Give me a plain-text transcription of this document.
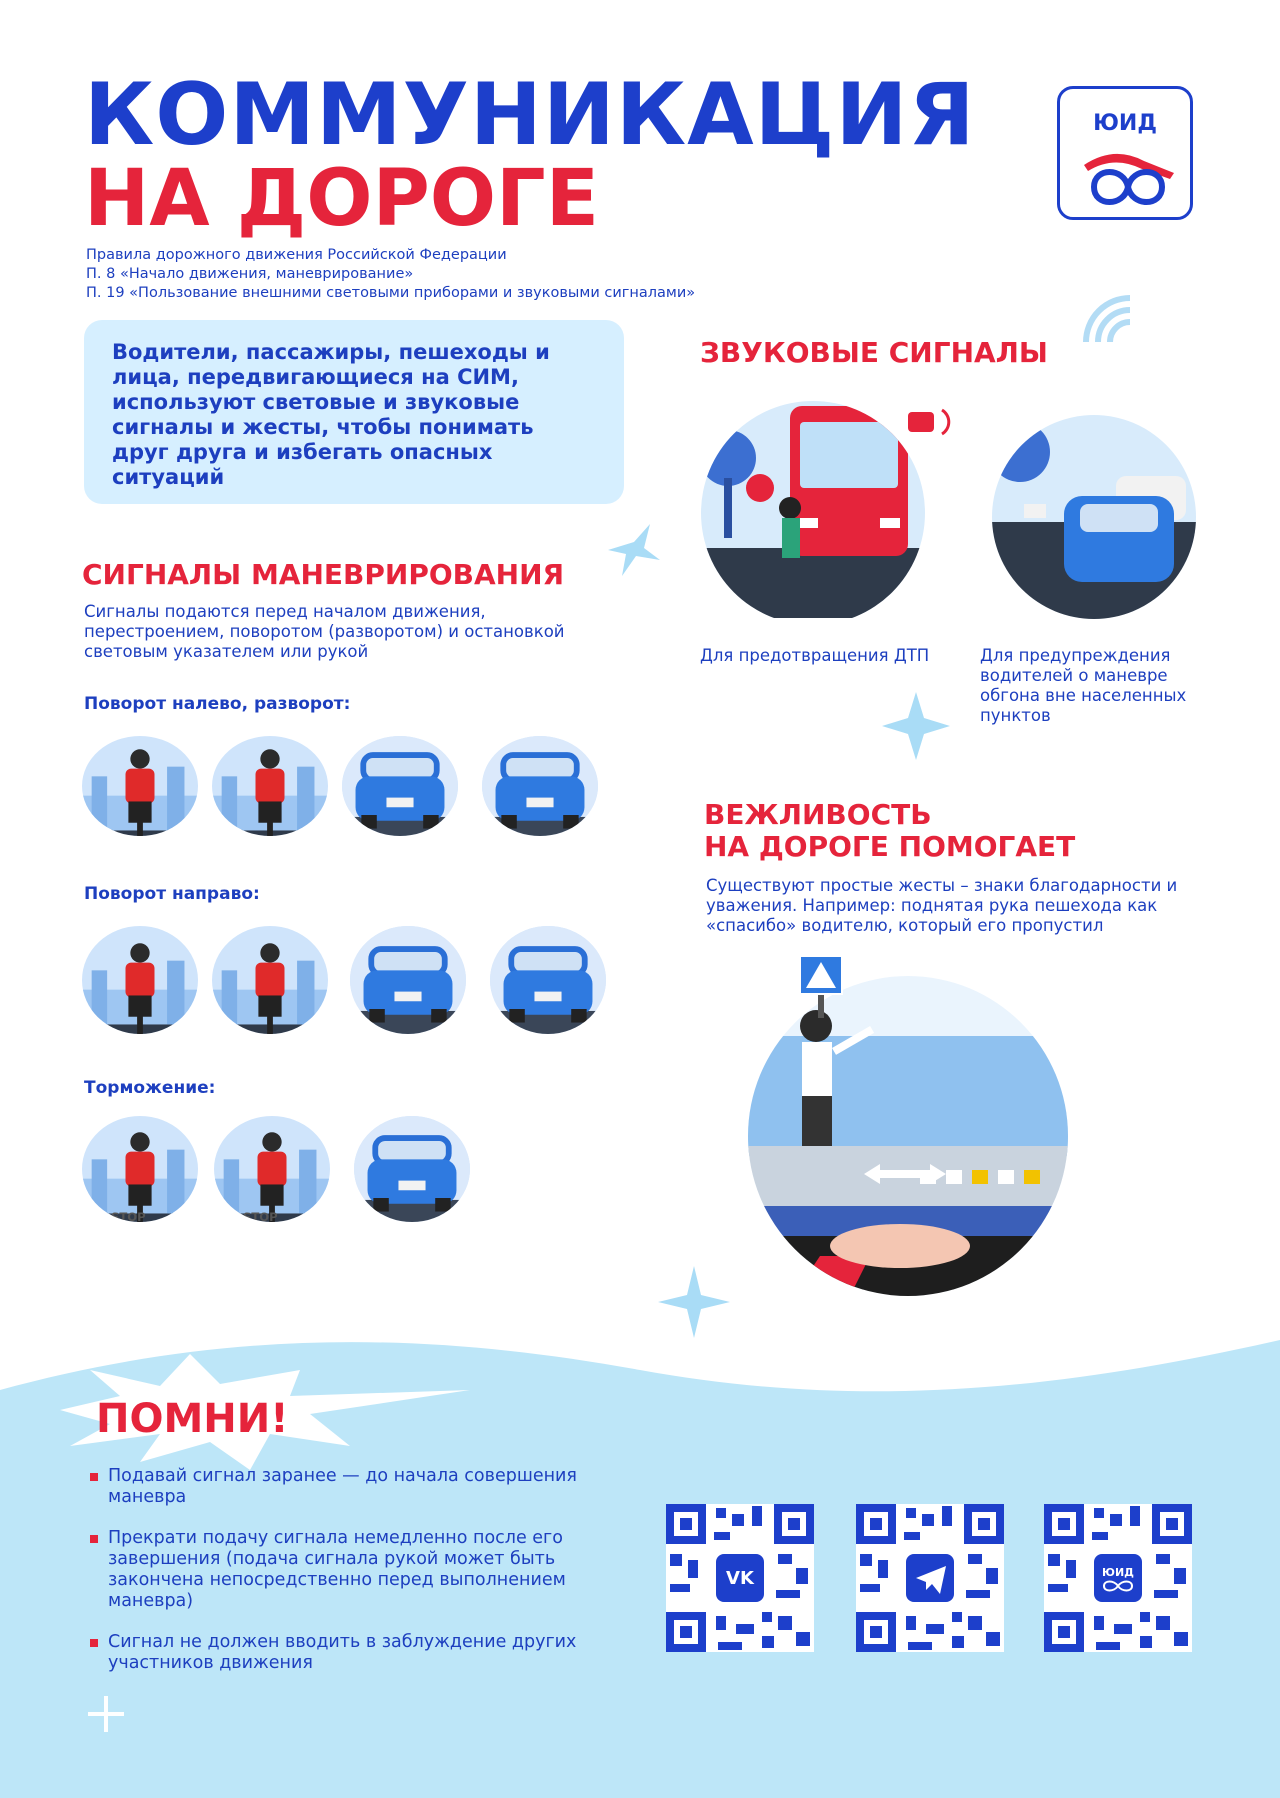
КОММУНИКАЦИЯ
НА ДОРОГЕ
Правила дорожного движения Российской Федерации
П. 8 «Начало движения, маневрирование»
П. 19 «Пользование внешними световыми приборами и звуковыми сигналами»
ЮИД
Водители, пассажиры, пешеходы и лица, передвигающиеся на СИМ, используют световые и звуковые сигналы и жесты, чтобы понимать друг друга и избегать опасных ситуаций
ЗВУКОВЫЕ СИГНАЛЫ
Для предотвращения ДТП	Для предупреждения водителей о маневре обгона вне населенных пунктов
СИГНАЛЫ МАНЕВРИРОВАНИЯ
Сигналы подаются перед началом движения, перестроением, поворотом (разворотом) и остановкой световым указателем или рукой
Поворот налево, разворот:
Поворот направо:
Торможение:
STOP	STOP
ВЕЖЛИВОСТЬ
НА ДОРОГЕ ПОМОГАЕТ
Существуют простые жесты – знаки благодарности и уважения. Например: поднятая рука пешехода как «спасибо» водителю, который его пропустил
ПОМНИ!
Подавай сигнал заранее — до начала совершения маневра
Прекрати подачу сигнала немедленно после его завершения (подача сигнала рукой может быть закончена непосредственно перед выполнением маневра)
Сигнал не должен вводить в заблуждение других участников движения
VK	ЮИД
